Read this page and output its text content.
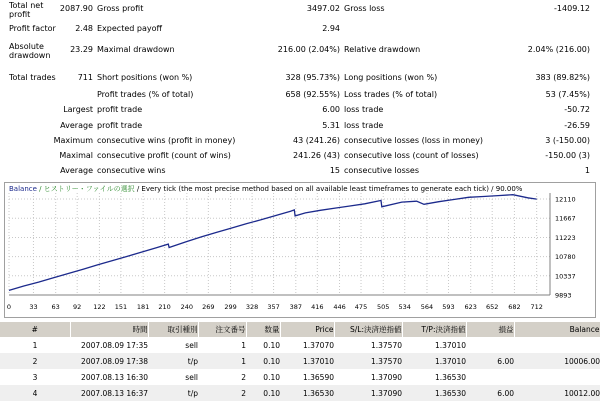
Total net profit
2087.90 Gross profit	3497.02 Gross loss	-1409.12
Profit factor	2.48 Expected payoff	2.94
Absolute drawdown
23.29 Maximal drawdown	216.00 (2.04%) Relative drawdown	2.04% (216.00)
Total trades	711 Short positions (won %)	328 (95.73%) Long positions (won %)	383 (89.82%)
Profit trades (% of total)	658 (92.55%) Loss trades (% of total)	53 (7.45%)
Largest profit trade	6.00 loss trade	-50.72
Average profit trade	5.31 loss trade	-26.59
Maximum consecutive wins (profit in money)	43 (241.26) consecutive losses (loss in money)	3 (-150.00)
Maximal consecutive profit (count of wins)	241.26 (43) consecutive loss (count of losses)	-150.00 (3)
Average consecutive wins	15 consecutive losses	1
Balance / ヒストリー・ファイルの選択 / Every tick (the most precise method based on all available least timeframes to generate each tick) / 90.00%
0	33 63 92 122 151 181 210 240 269 299 328 357 387 416 446 475 505 534 564 593 623 652 682 712
12110
11667
11223
10780
10337
9893
#	時間	取引種別	注文番号	数量	Price	S/L:決済逆指値	T/P:決済指値	損益	Balance
1	2007.08.09 17:35	sell	1	0.10	1.37070	1.37570	1.37010		
2	2007.08.09 17:38	t/p	1	0.10	1.37010	1.37570	1.37010	6.00	10006.00
3	2007.08.13 16:30	sell	2	0.10	1.36590	1.37090	1.36530		
4	2007.08.13 16:37	t/p	2	0.10	1.36530	1.37090	1.36530	6.00	10012.00
